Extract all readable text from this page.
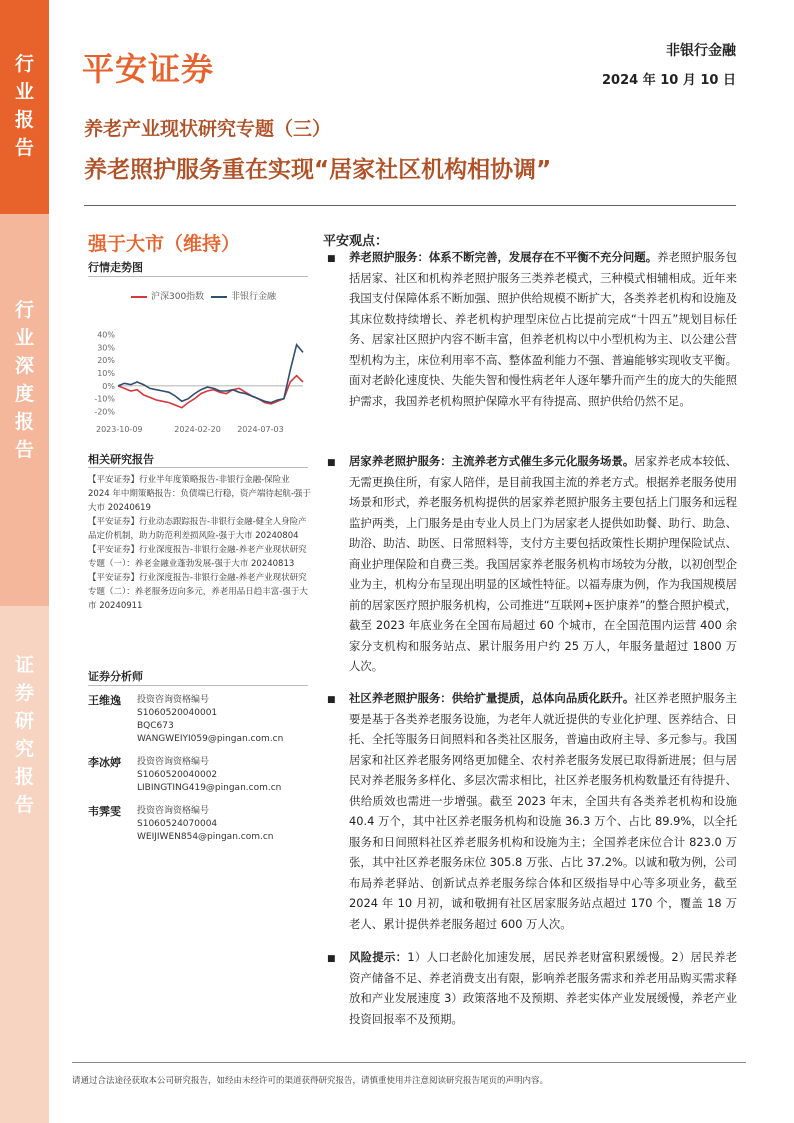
行
业
报
告
行
业
深
度
报
告
证
券
研
究
报
告
平安证券	非银行金融
2024 年 10 月 10 日
养老产业现状研究专题（三）
养老照护服务重在实现“居家社区机构相协调”
强于大市（维持）
行情走势图
沪深300指数	非银行金融
40%
30%
20%
10%
0%
-10%
-20%
2023-10-09	2024-02-20 2024-07-03
相关研究报告

【平安证券】行业半年度策略报告-非银行金融-保险业 2024 年中期策略报告：负债端已行稳，资产端待起航-强于大市 20240619

【平安证券】行业动态跟踪报告-非银行金融-健全人身险产品定价机制，助力防范利差损风险-强于大市 20240804

【平安证券】行业深度报告-非银行金融-养老产业现状研究专题（一）：养老金融业蓬勃发展-强于大市 20240813

【平安证券】行业深度报告-非银行金融-养老产业现状研究专题（二）：养老服务迈向多元，养老用品日趋丰富-强于大市 20240911

证券分析师
王维逸 投资咨询资格编号
S1060520040001
BQC673
WANGWEIYI059@pingan.com.cn
李冰婷 投资咨询资格编号
S1060520040002
LIBINGTING419@pingan.com.cn
韦霁雯 投资咨询资格编号
S1060524070004
WEIJIWEN854@pingan.com.cn
平安观点：
■ 养老照护服务：体系不断完善，发展存在不平衡不充分问题。养老照护服务包括居家、社区和机构养老照护服务三类养老模式，三种模式相辅相成。近年来我国支付保障体系不断加强、照护供给规模不断扩大，各类养老机构和设施及其床位数持续增长、养老机构护理型床位占比提前完成“十四五”规划目标任务、居家社区照护内容不断丰富，但养老机构以中小型机构为主、以公建公营型机构为主，床位利用率不高、整体盈利能力不强、普遍能够实现收支平衡。面对老龄化速度快、失能失智和慢性病老年人逐年攀升而产生的庞大的失能照护需求，我国养老机构照护保障水平有待提高、照护供给仍然不足。
■ 居家养老照护服务：主流养老方式催生多元化服务场景。居家养老成本较低、无需更换住所，有家人陪伴，是目前我国主流的养老方式。根据养老服务使用场景和形式，养老服务机构提供的居家养老照护服务主要包括上门服务和远程监护两类，上门服务是由专业人员上门为居家老人提供如助餐、助行、助急、助浴、助洁、助医、日常照料等，支付方主要包括政策性长期护理保险试点、商业护理保险和自费三类。我国居家养老服务机构市场较为分散，以初创型企业为主，机构分布呈现出明显的区域性特征。以福寿康为例，作为我国规模居前的居家医疗照护服务机构，公司推进“互联网+医护康养”的整合照护模式，截至 2023 年底业务在全国布局超过 60 个城市，在全国范围内运营 400 余家分支机构和服务站点、累计服务用户约 25 万人，年服务量超过 1800 万人次。
■ 社区养老照护服务：供给扩量提质，总体向品质化跃升。社区养老照护服务主要是基于各类养老服务设施，为老年人就近提供的专业化护理、医养结合、日托、全托等服务日间照料和各类社区服务，普遍由政府主导、多元参与。我国居家和社区养老服务网络更加健全、农村养老服务发展已取得新进展；但与居民对养老服务多样化、多层次需求相比，社区养老服务机构数量还有待提升、供给质效也需进一步增强。截至 2023 年末，全国共有各类养老机构和设施 40.4 万个，其中社区养老服务机构和设施 36.3 万个、占比 89.9%，以全托服务和日间照料社区养老服务机构和设施为主；全国养老床位合计 823.0 万张，其中社区养老服务床位 305.8 万张、占比 37.2%。以诚和敬为例，公司布局养老驿站、创新试点养老服务综合体和区级指导中心等多项业务，截至 2024 年 10 月初，诚和敬拥有社区居家服务站点超过 170 个，覆盖 18 万老人、累计提供养老服务超过 600 万人次。
■ 风险提示：1）人口老龄化加速发展，居民养老财富积累缓慢。2）居民养老资产储备不足、养老消费支出有限，影响养老服务需求和养老用品购买需求释放和产业发展速度 3）政策落地不及预期、养老实体产业发展缓慢，养老产业投资回报率不及预期。
请通过合法途径获取本公司研究报告，如经由未经许可的渠道获得研究报告，请慎重使用并注意阅读研究报告尾页的声明内容。
